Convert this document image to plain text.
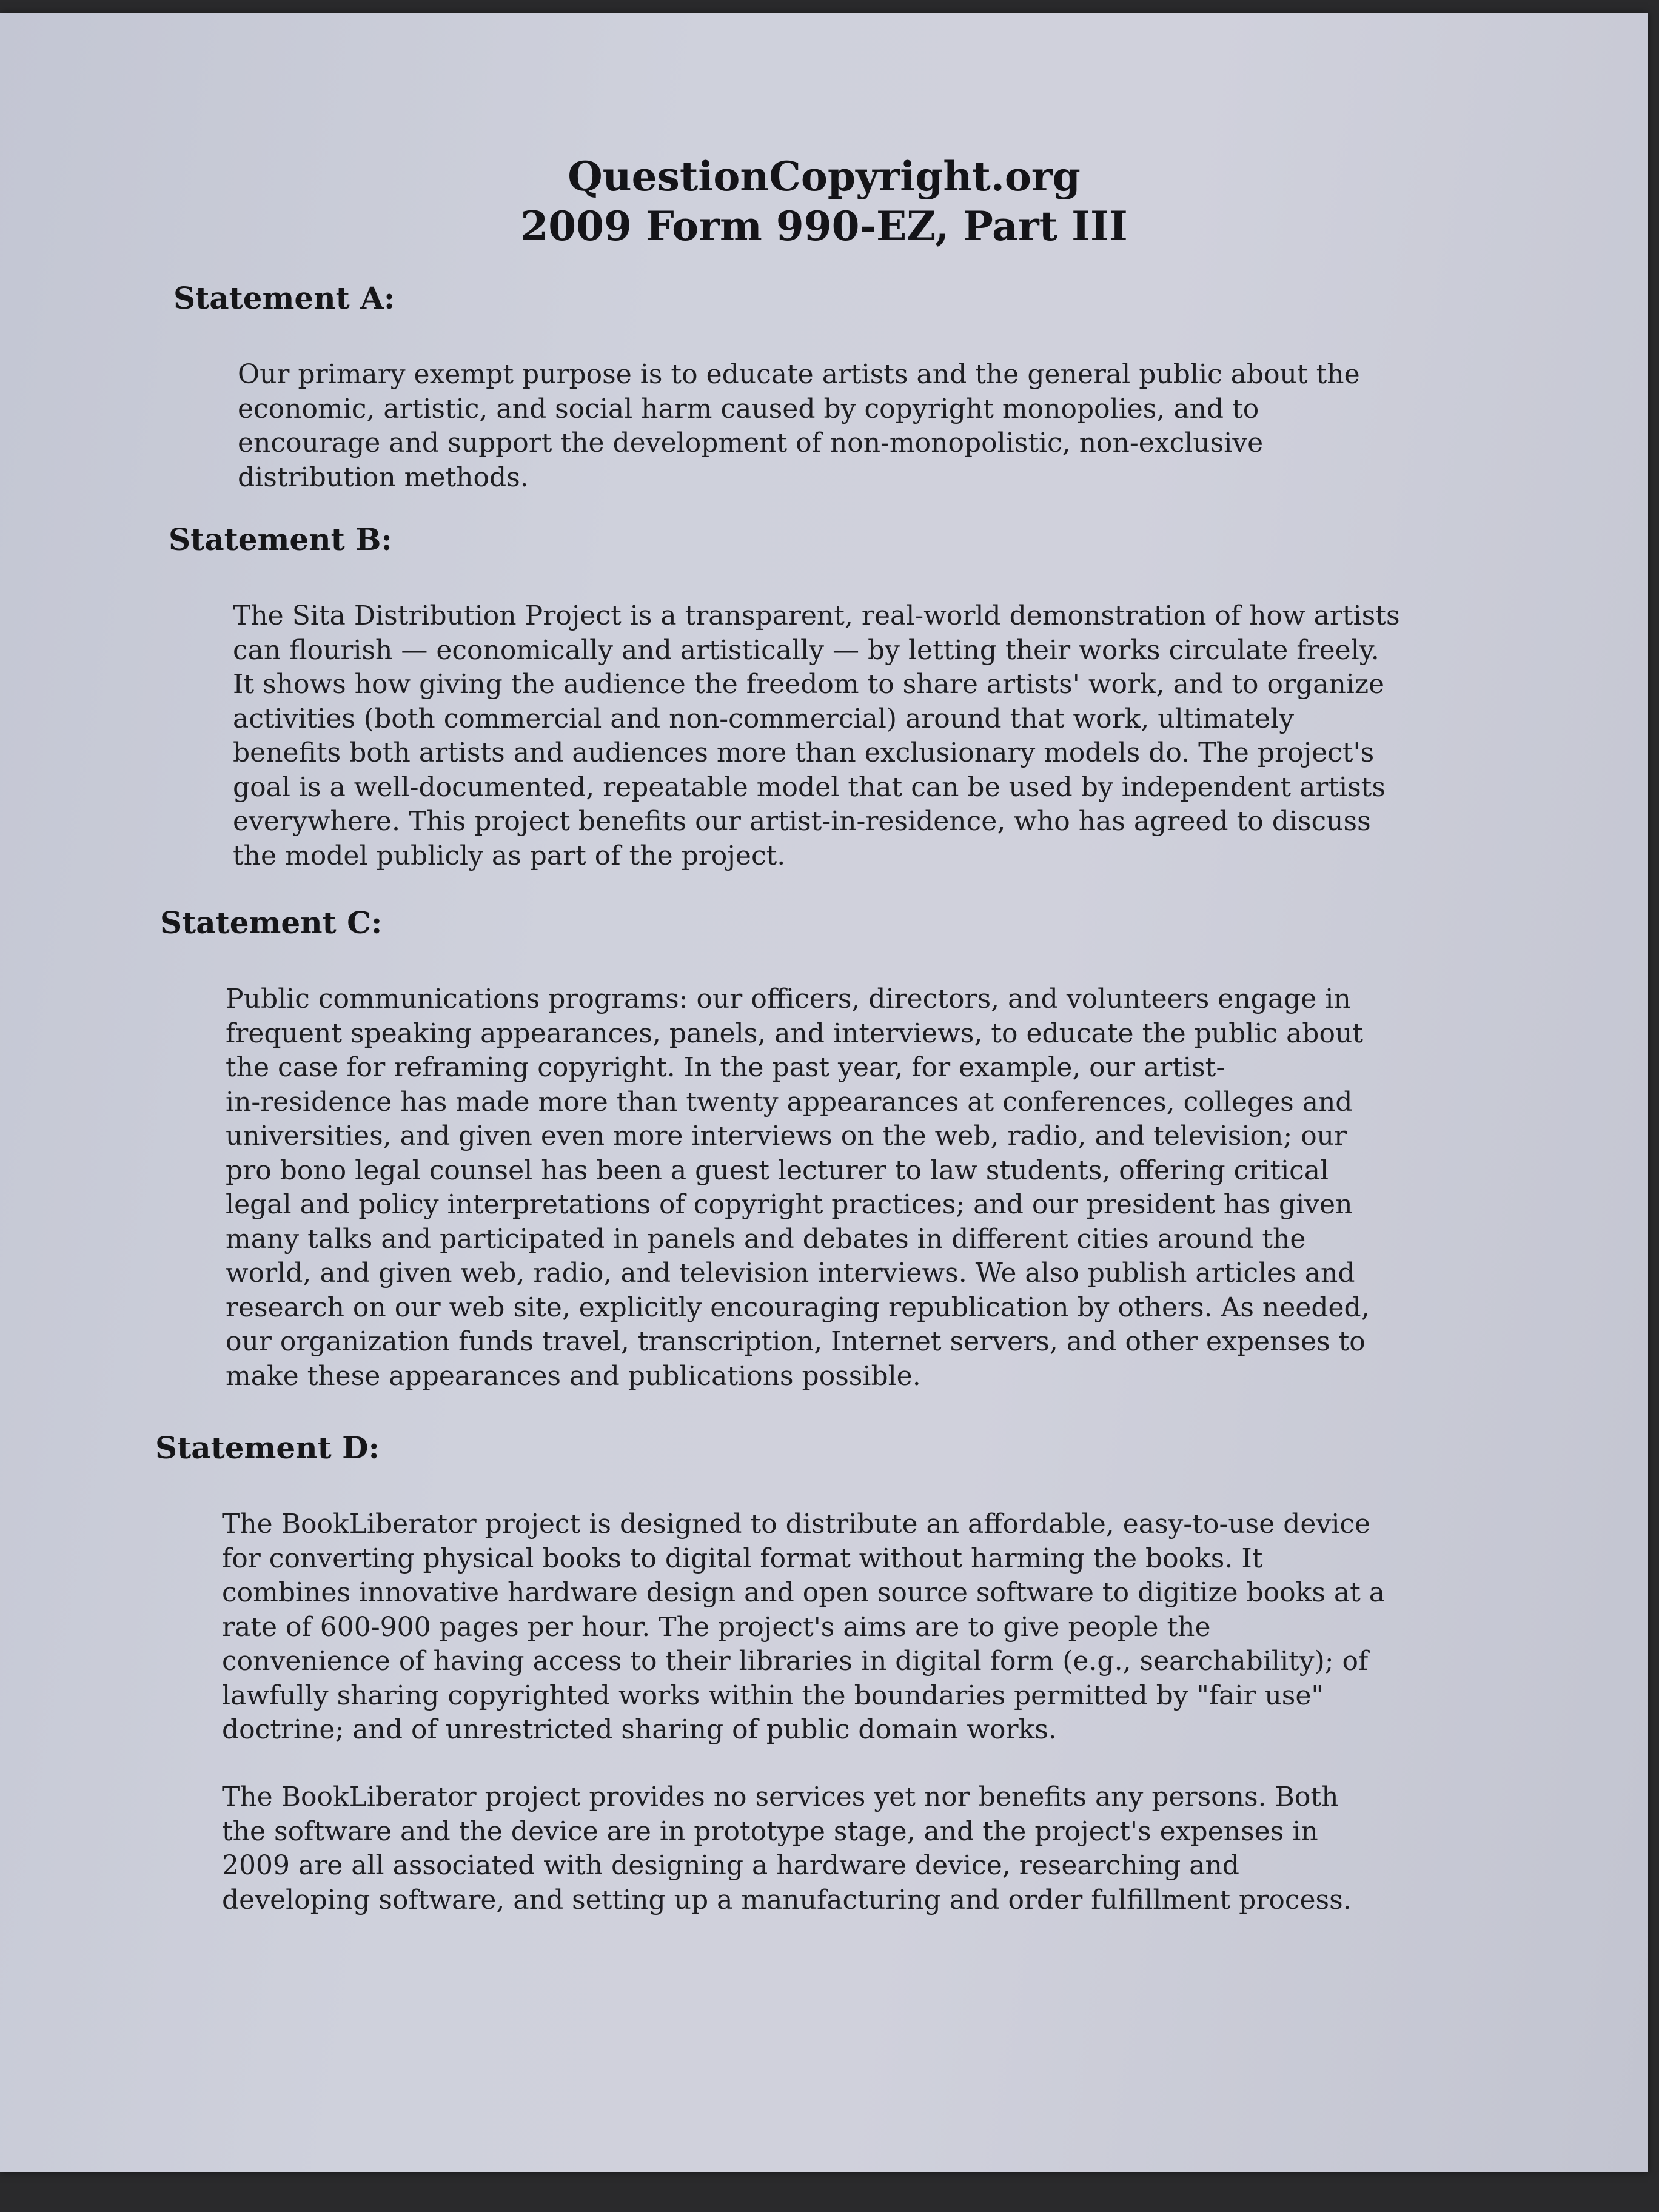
QuestionCopyright.org
2009 Form 990-EZ, Part III
Statement A:

Our primary exempt purpose is to educate artists and the general public about the
economic, artistic, and social harm caused by copyright monopolies, and to
encourage and support the development of non-monopolistic, non-exclusive
distribution methods.

Statement B:

The Sita Distribution Project is a transparent, real-world demonstration of how artists
can flourish — economically and artistically — by letting their works circulate freely.
It shows how giving the audience the freedom to share artists' work, and to organize
activities (both commercial and non-commercial) around that work, ultimately
benefits both artists and audiences more than exclusionary models do. The project's
goal is a well-documented, repeatable model that can be used by independent artists
everywhere. This project benefits our artist-in-residence, who has agreed to discuss
the model publicly as part of the project.

Statement C:

Public communications programs: our officers, directors, and volunteers engage in
frequent speaking appearances, panels, and interviews, to educate the public about
the case for reframing copyright. In the past year, for example, our artist-
in-residence has made more than twenty appearances at conferences, colleges and
universities, and given even more interviews on the web, radio, and television; our
pro bono legal counsel has been a guest lecturer to law students, offering critical
legal and policy interpretations of copyright practices; and our president has given
many talks and participated in panels and debates in different cities around the
world, and given web, radio, and television interviews. We also publish articles and
research on our web site, explicitly encouraging republication by others. As needed,
our organization funds travel, transcription, Internet servers, and other expenses to
make these appearances and publications possible.

Statement D:

The BookLiberator project is designed to distribute an affordable, easy-to-use device
for converting physical books to digital format without harming the books. It
combines innovative hardware design and open source software to digitize books at a
rate of 600-900 pages per hour. The project's aims are to give people the
convenience of having access to their libraries in digital form (e.g., searchability); of
lawfully sharing copyrighted works within the boundaries permitted by "fair use"
doctrine; and of unrestricted sharing of public domain works.

The BookLiberator project provides no services yet nor benefits any persons. Both
the software and the device are in prototype stage, and the project's expenses in
2009 are all associated with designing a hardware device, researching and
developing software, and setting up a manufacturing and order fulfillment process.
